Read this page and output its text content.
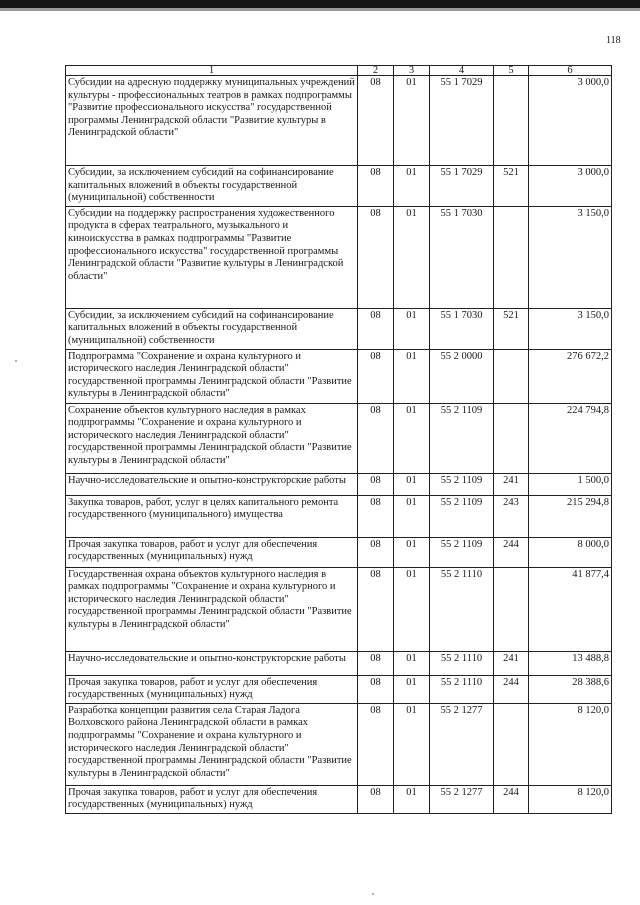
118
1	2	3	4	5	6
Субсидии на адресную поддержку муниципальных учреждений культуры - профессиональных театров в рамках подпрограммы "Развитие профессионального искусства" государственной программы Ленинградской области "Развитие культуры в Ленинградской области"	08	01	55 1 7029		3 000,0
Субсидии, за исключением субсидий на софинансирование капитальных вложений в объекты государственной (муниципальной) собственности	08	01	55 1 7029	521	3 000,0
Субсидии на поддержку распространения художественного продукта в сферах театрального, музыкального и киноискусства в рамках подпрограммы "Развитие профессионального искусства" государственной программы Ленинградской области "Развитие культуры в Ленинградской области"	08	01	55 1 7030		3 150,0
Субсидии, за исключением субсидий на софинансирование капитальных вложений в объекты государственной (муниципальной) собственности	08	01	55 1 7030	521	3 150,0
Подпрограмма "Сохранение и охрана культурного и исторического наследия Ленинградской области" государственной программы Ленинградской области "Развитие культуры в Ленинградской области"	08	01	55 2 0000		276 672,2
Сохранение объектов культурного наследия в рамках подпрограммы "Сохранение и охрана культурного и исторического наследия Ленинградской области" государственной программы Ленинградской области "Развитие культуры в Ленинградской области"	08	01	55 2 1109		224 794,8
Научно-исследовательские и опытно-конструкторские работы	08	01	55 2 1109	241	1 500,0
Закупка товаров, работ, услуг в целях капитального ремонта государственного (муниципального) имущества	08	01	55 2 1109	243	215 294,8
Прочая закупка товаров, работ и услуг для обеспечения государственных (муниципальных) нужд	08	01	55 2 1109	244	8 000,0
Государственная охрана объектов культурного наследия в рамках подпрограммы "Сохранение и охрана культурного и исторического наследия Ленинградской области" государственной программы Ленинградской области "Развитие культуры в Ленинградской области"	08	01	55 2 1110		41 877,4
Научно-исследовательские и опытно-конструкторские работы	08	01	55 2 1110	241	13 488,8
Прочая закупка товаров, работ и услуг для обеспечения государственных (муниципальных) нужд	08	01	55 2 1110	244	28 388,6
Разработка концепции развития села Старая Ладога Волховского района Ленинградской области в рамках подпрограммы "Сохранение и охрана культурного и исторического наследия Ленинградской области" государственной программы Ленинградской области "Развитие культуры в Ленинградской области"	08	01	55 2 1277		8 120,0
Прочая закупка товаров, работ и услуг для обеспечения государственных (муниципальных) нужд	08	01	55 2 1277	244	8 120,0
